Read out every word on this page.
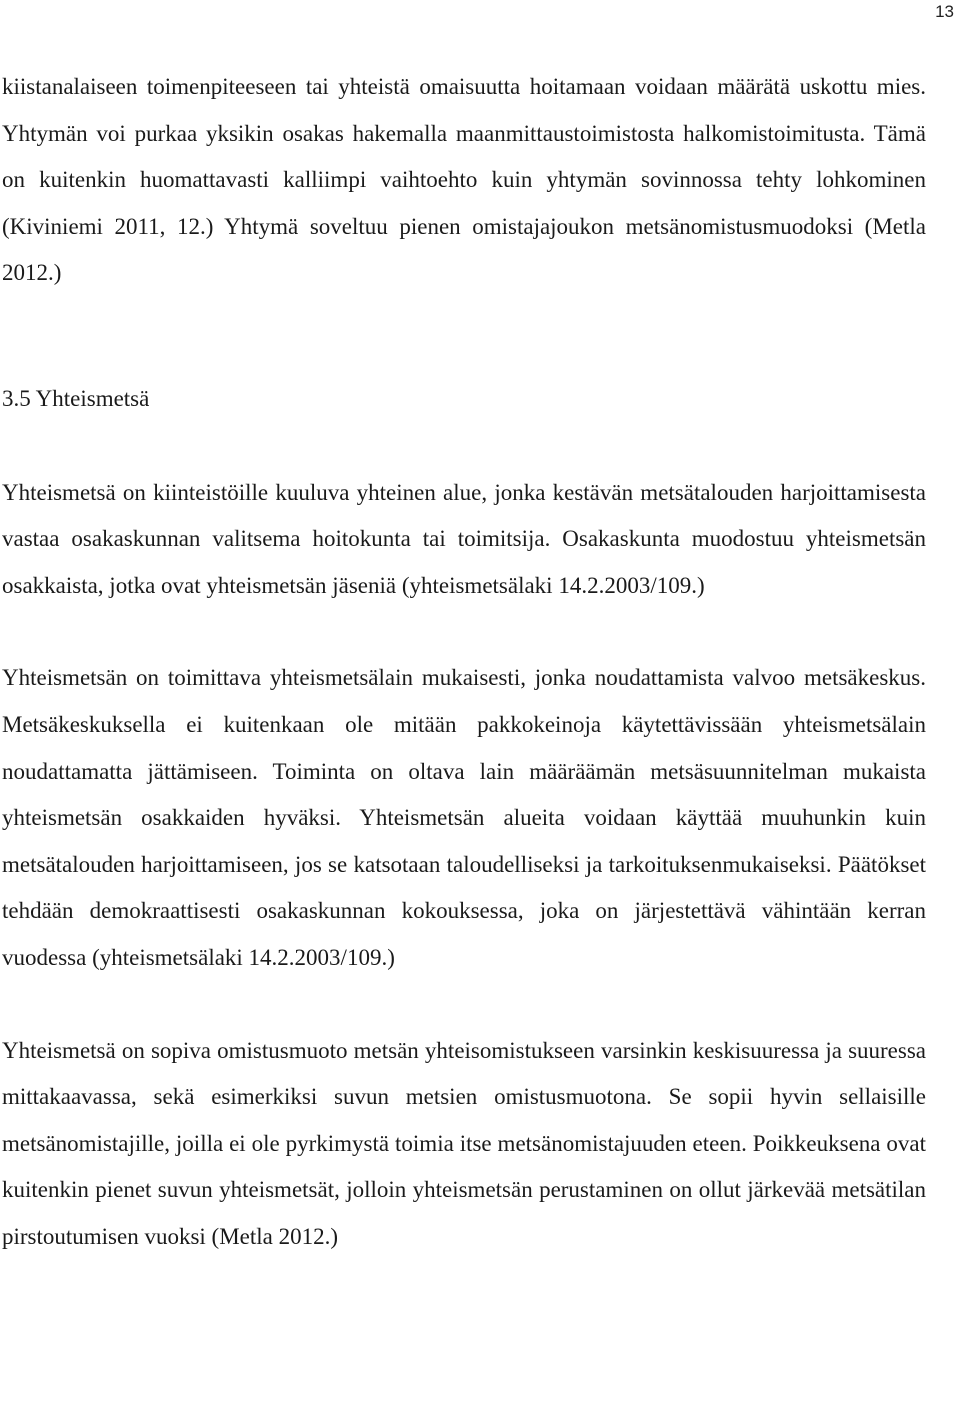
13

kiistanalaiseen toimenpiteeseen tai yhteistä omaisuutta hoitamaan voidaan määrätä uskottu mies. Yhtymän voi purkaa yksikin osakas hakemalla maanmittaustoimistosta halkomistoimitusta. Tämä on kuitenkin huomattavasti kalliimpi vaihtoehto kuin yhtymän sovinnossa tehty lohkominen (Kiviniemi 2011, 12.) Yhtymä soveltuu pienen omistajajoukon metsänomistusmuodoksi (Metla 2012.)

3.5 Yhteismetsä

Yhteismetsä on kiinteistöille kuuluva yhteinen alue, jonka kestävän metsätalouden harjoittamisesta vastaa osakaskunnan valitsema hoitokunta tai toimitsija. Osakaskunta muodostuu yhteismetsän osakkaista, jotka ovat yhteismetsän jäseniä (yhteismetsälaki 14.2.2003/109.)

Yhteismetsän on toimittava yhteismetsälain mukaisesti, jonka noudattamista valvoo metsäkeskus. Metsäkeskuksella ei kuitenkaan ole mitään pakkokeinoja käytettävissään yhteismetsälain noudattamatta jättämiseen. Toiminta on oltava lain määräämän metsäsuunnitelman mukaista yhteismetsän osakkaiden hyväksi. Yhteismetsän alueita voidaan käyttää muuhunkin kuin metsätalouden harjoittamiseen, jos se katsotaan taloudelliseksi ja tarkoituksenmukaiseksi. Päätökset tehdään demokraattisesti osakaskunnan kokouksessa, joka on järjestettävä vähintään kerran vuodessa (yhteismetsälaki 14.2.2003/109.)

Yhteismetsä on sopiva omistusmuoto metsän yhteisomistukseen varsinkin keskisuuressa ja suuressa mittakaavassa, sekä esimerkiksi suvun metsien omistusmuotona. Se sopii hyvin sellaisille metsänomistajille, joilla ei ole pyrkimystä toimia itse metsänomistajuuden eteen. Poikkeuksena ovat kuitenkin pienet suvun yhteismetsät, jolloin yhteismetsän perustaminen on ollut järkevää metsätilan pirstoutumisen vuoksi (Metla 2012.)
